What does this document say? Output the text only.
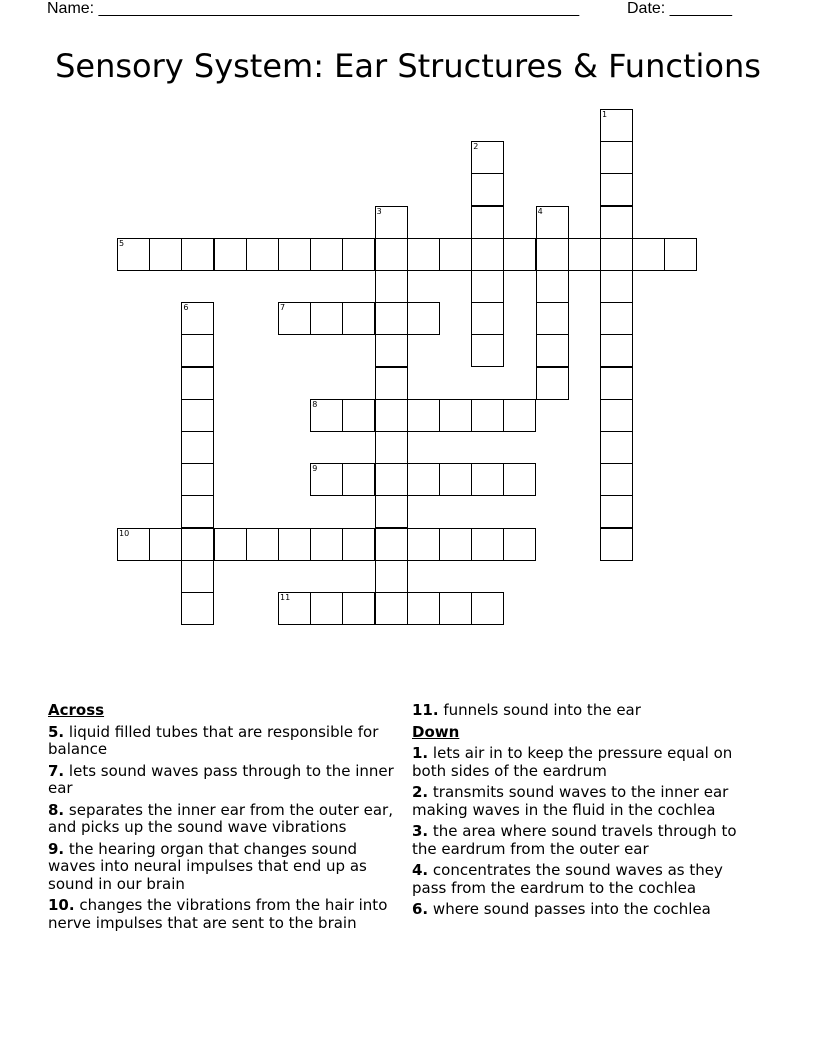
Name: ______________________________________________________	Date: _______
Sensory System: Ear Structures & Functions
1
2
3	4
5
6	7
8
9
10
11
Across
5. liquid filled tubes that are responsible for balance
7. lets sound waves pass through to the inner ear
8. separates the inner ear from the outer ear, and picks up the sound wave vibrations
9. the hearing organ that changes sound waves into neural impulses that end up as sound in our brain
10. changes the vibrations from the hair into nerve impulses that are sent to the brain
11. funnels sound into the ear
Down
1. lets air in to keep the pressure equal on both sides of the eardrum
2. transmits sound waves to the inner ear making waves in the fluid in the cochlea
3. the area where sound travels through to the eardrum from the outer ear
4. concentrates the sound waves as they pass from the eardrum to the cochlea
6. where sound passes into the cochlea
